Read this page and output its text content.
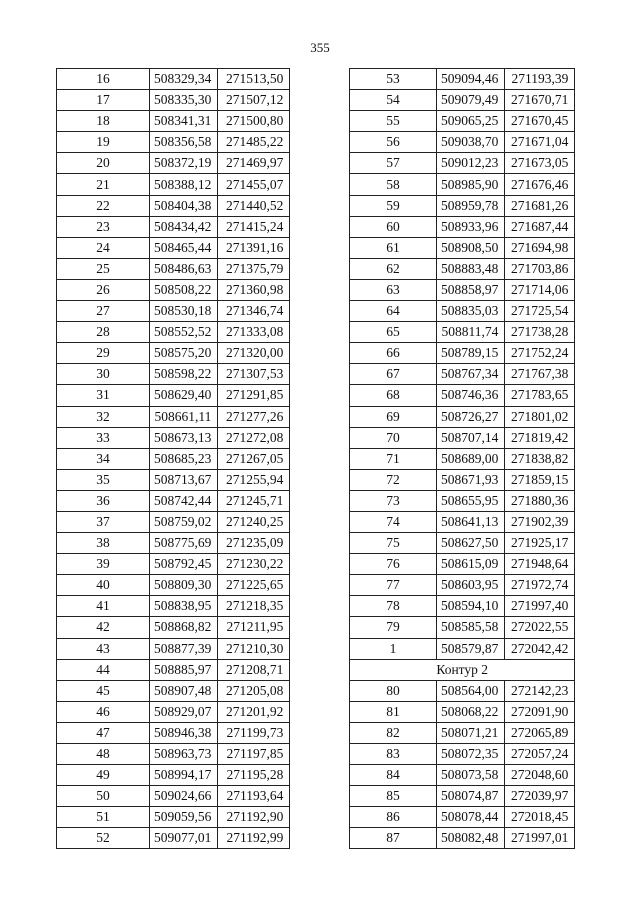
355
16	508329,34	271513,50
17	508335,30	271507,12
18	508341,31	271500,80
19	508356,58	271485,22
20	508372,19	271469,97
21	508388,12	271455,07
22	508404,38	271440,52
23	508434,42	271415,24
24	508465,44	271391,16
25	508486,63	271375,79
26	508508,22	271360,98
27	508530,18	271346,74
28	508552,52	271333,08
29	508575,20	271320,00
30	508598,22	271307,53
31	508629,40	271291,85
32	508661,11	271277,26
33	508673,13	271272,08
34	508685,23	271267,05
35	508713,67	271255,94
36	508742,44	271245,71
37	508759,02	271240,25
38	508775,69	271235,09
39	508792,45	271230,22
40	508809,30	271225,65
41	508838,95	271218,35
42	508868,82	271211,95
43	508877,39	271210,30
44	508885,97	271208,71
45	508907,48	271205,08
46	508929,07	271201,92
47	508946,38	271199,73
48	508963,73	271197,85
49	508994,17	271195,28
50	509024,66	271193,64
51	509059,56	271192,90
52	509077,01	271192,99
53	509094,46	271193,39
54	509079,49	271670,71
55	509065,25	271670,45
56	509038,70	271671,04
57	509012,23	271673,05
58	508985,90	271676,46
59	508959,78	271681,26
60	508933,96	271687,44
61	508908,50	271694,98
62	508883,48	271703,86
63	508858,97	271714,06
64	508835,03	271725,54
65	508811,74	271738,28
66	508789,15	271752,24
67	508767,34	271767,38
68	508746,36	271783,65
69	508726,27	271801,02
70	508707,14	271819,42
71	508689,00	271838,82
72	508671,93	271859,15
73	508655,95	271880,36
74	508641,13	271902,39
75	508627,50	271925,17
76	508615,09	271948,64
77	508603,95	271972,74
78	508594,10	271997,40
79	508585,58	272022,55
1	508579,87	272042,42
Контур 2		
80	508564,00	272142,23
81	508068,22	272091,90
82	508071,21	272065,89
83	508072,35	272057,24
84	508073,58	272048,60
85	508074,87	272039,97
86	508078,44	272018,45
87	508082,48	271997,01
